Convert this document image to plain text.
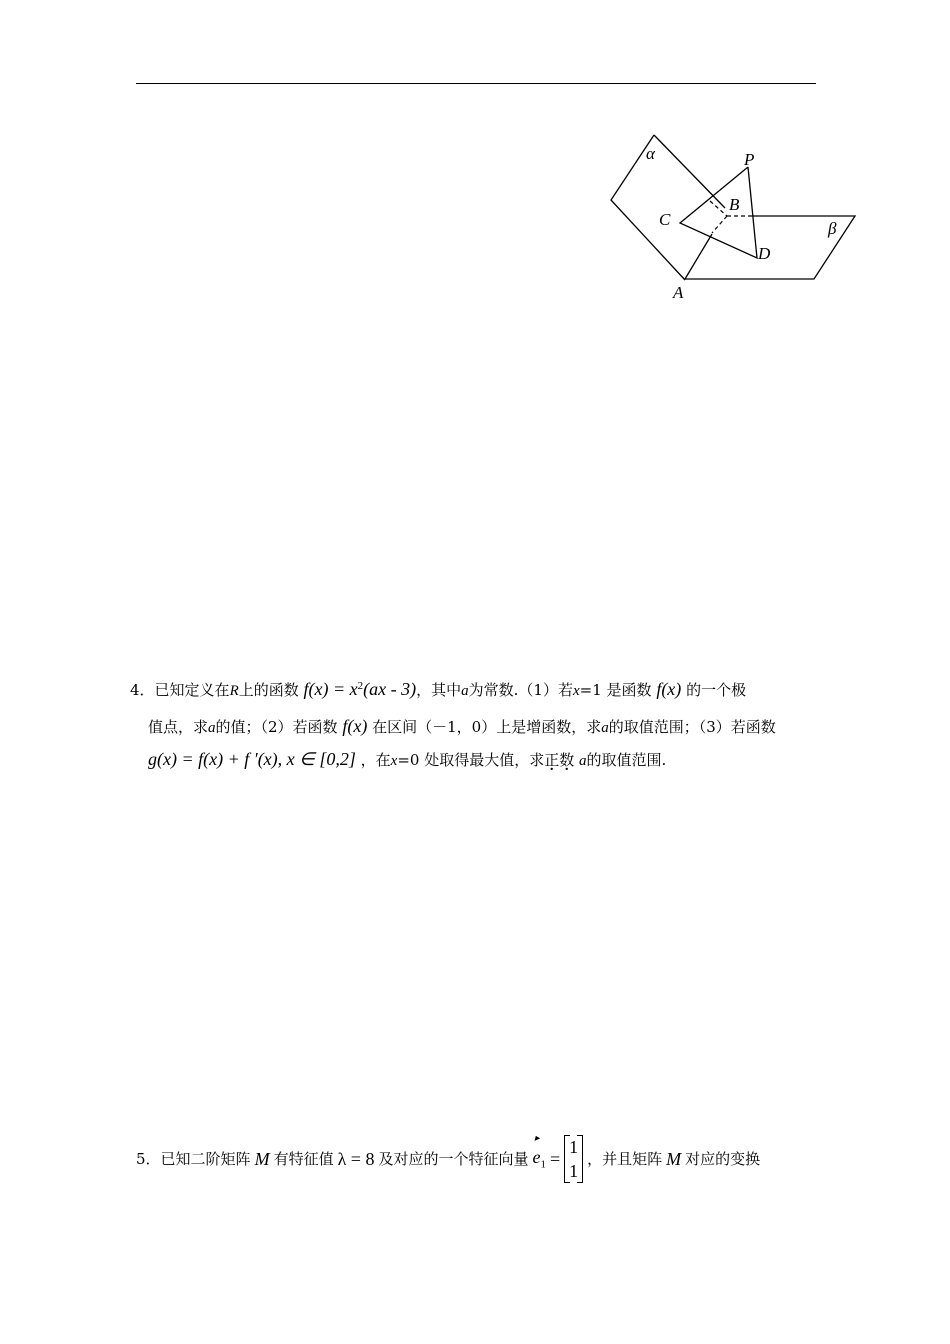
α	P
B
C
D
β
A
4．已知定义在R上的函数 $f(x) = x^2(ax - 3)$，其中a为常数.（1）若x=1 是函数 f(x) 的一个极
值点，求a的值；（2）若函数 f(x) 在区间（－1，0）上是增函数，求a的取值范围；（3）若函数
g(x) = f(x) + f ′(x), x ∈ [0,2] ，在x=0 处取得最大值，求正数 a的取值范围.
5． 已知二阶矩阵 M 有特征值 λ = 8 及对应的一个特征向量
▸
$e_1$ =
1
1
，并且矩阵 M 对应的变换
